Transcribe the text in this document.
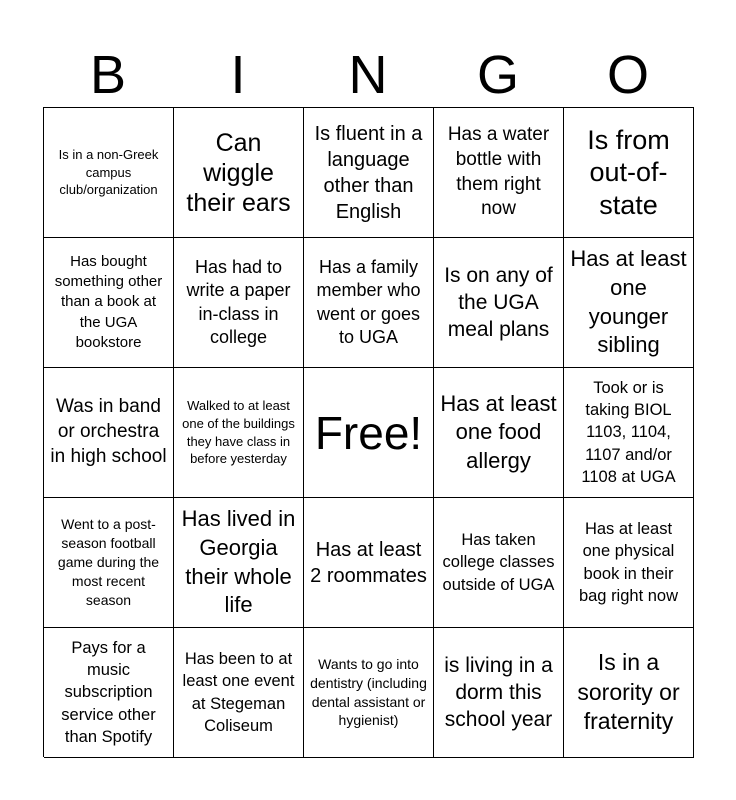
B	I	N	G	O
Is in a non-Greek campus club/organization
Can wiggle their ears
Is fluent in a language other than English
Has a water bottle with them right now
Is from out-of-state
Has bought something other than a book at the UGA bookstore
Has had to write a paper in-class in college
Has a family member who went or goes to UGA
Is on any of the UGA meal plans
Has at least one younger sibling
Was in band or orchestra in high school
Walked to at least one of the buildings they have class in before yesterday
Free!
Has at least one food allergy
Took or is taking BIOL 1103, 1104, 1107 and/or 1108 at UGA
Went to a post-season football game during the most recent season
Has lived in Georgia their whole life
Has at least 2 roommates
Has taken college classes outside of UGA
Has at least one physical book in their bag right now
Pays for a music subscription service other than Spotify
Has been to at least one event at Stegeman Coliseum
Wants to go into dentistry (including dental assistant or hygienist)
is living in a dorm this school year
Is in a sorority or fraternity
